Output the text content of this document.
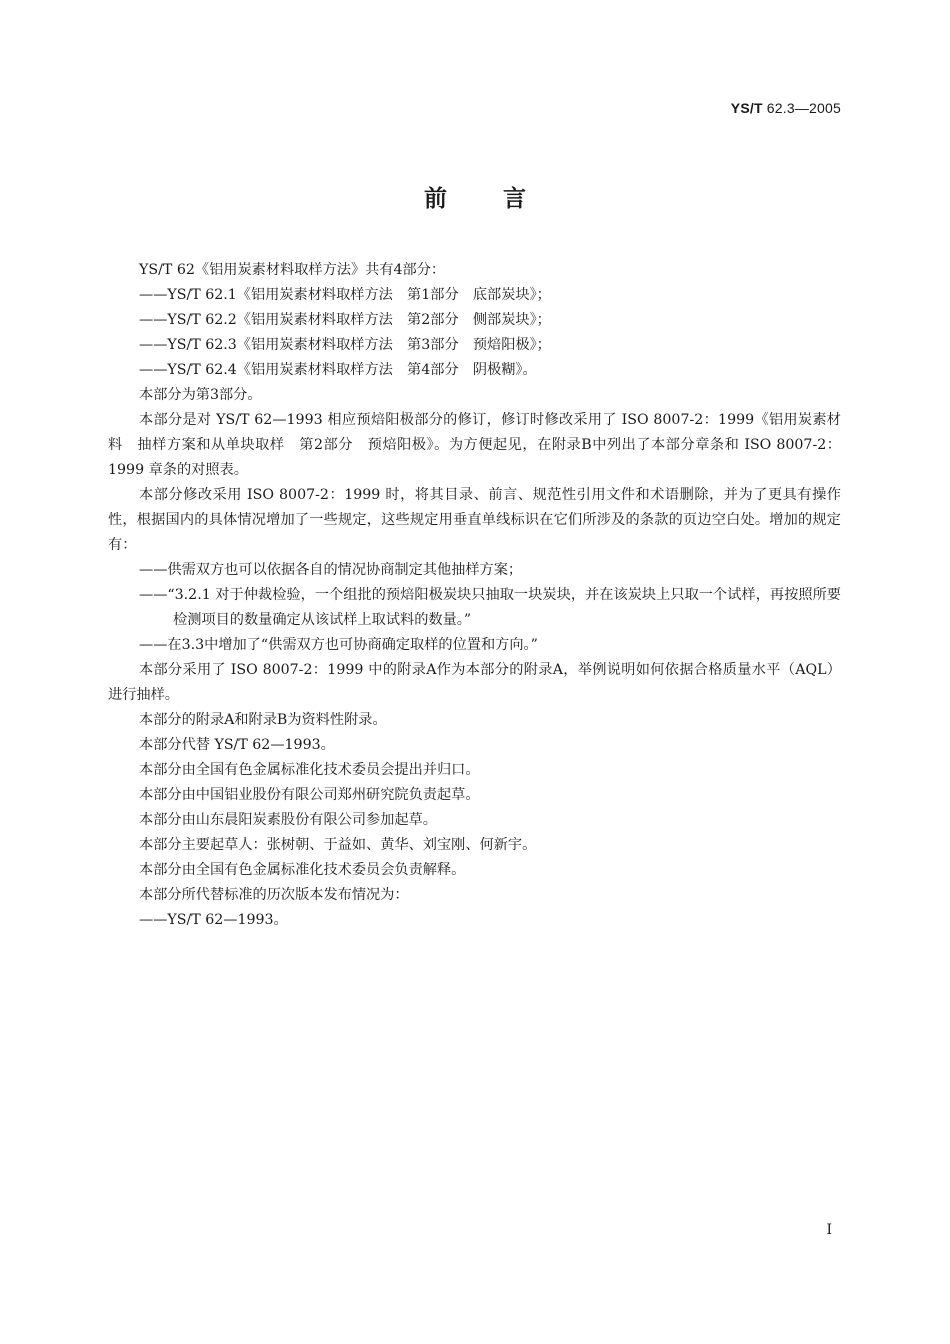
YS/T 62.3—2005
前言

YS/T 62《铝用炭素材料取样方法》共有4部分：

——YS/T 62.1《铝用炭素材料取样方法　第1部分　底部炭块》；

——YS/T 62.2《铝用炭素材料取样方法　第2部分　侧部炭块》；

——YS/T 62.3《铝用炭素材料取样方法　第3部分　预焙阳极》；

——YS/T 62.4《铝用炭素材料取样方法　第4部分　阴极糊》。

本部分为第3部分。

本部分是对 YS/T 62—1993 相应预焙阳极部分的修订，修订时修改采用了 ISO 8007-2：1999《铝用炭素材料　抽样方案和从单块取样　第2部分　预焙阳极》。为方便起见，在附录B中列出了本部分章条和 ISO 8007-2：1999 章条的对照表。

本部分修改采用 ISO 8007-2：1999 时，将其目录、前言、规范性引用文件和术语删除，并为了更具有操作性，根据国内的具体情况增加了一些规定，这些规定用垂直单线标识在它们所涉及的条款的页边空白处。增加的规定有：

——供需双方也可以依据各自的情况协商制定其他抽样方案；

——“3.2.1 对于仲裁检验，一个组批的预焙阳极炭块只抽取一块炭块，并在该炭块上只取一个试样，再按照所要检测项目的数量确定从该试样上取试料的数量。”

——在3.3中增加了“供需双方也可协商确定取样的位置和方向。”

本部分采用了 ISO 8007-2：1999 中的附录A作为本部分的附录A，举例说明如何依据合格质量水平（AQL）进行抽样。

本部分的附录A和附录B为资料性附录。

本部分代替 YS/T 62—1993。

本部分由全国有色金属标准化技术委员会提出并归口。

本部分由中国铝业股份有限公司郑州研究院负责起草。

本部分由山东晨阳炭素股份有限公司参加起草。

本部分主要起草人：张树朝、于益如、黄华、刘宝刚、何新宇。

本部分由全国有色金属标准化技术委员会负责解释。

本部分所代替标准的历次版本发布情况为：

——YS/T 62—1993。

I
